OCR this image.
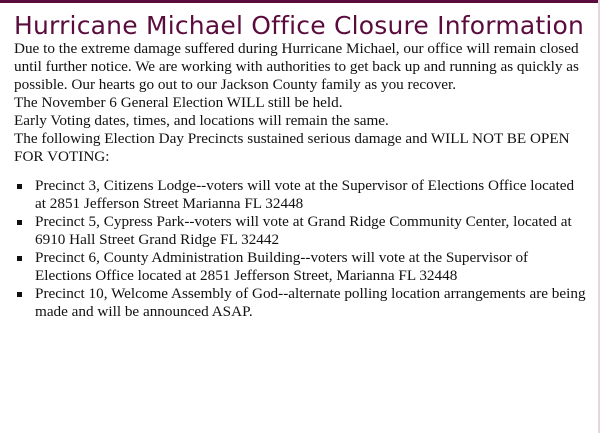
Hurricane Michael Office Closure Information

Due to the extreme damage suffered during Hurricane Michael, our office will remain closed until further notice. We are working with authorities to get back up and running as quickly as possible. Our hearts go out to our Jackson County family as you recover.

The November 6 General Election WILL still be held.

Early Voting dates, times, and locations will remain the same.

The following Election Day Precincts sustained serious damage and WILL NOT BE OPEN FOR VOTING:

Precinct 3, Citizens Lodge--voters will vote at the Supervisor of Elections Office located at 2851 Jefferson Street Marianna FL 32448
Precinct 5, Cypress Park--voters will vote at Grand Ridge Community Center, located at 6910 Hall Street Grand Ridge FL 32442
Precinct 6, County Administration Building--voters will vote at the Supervisor of Elections Office located at 2851 Jefferson Street, Marianna FL 32448
Precinct 10, Welcome Assembly of God--alternate polling location arrangements are being made and will be announced ASAP.
